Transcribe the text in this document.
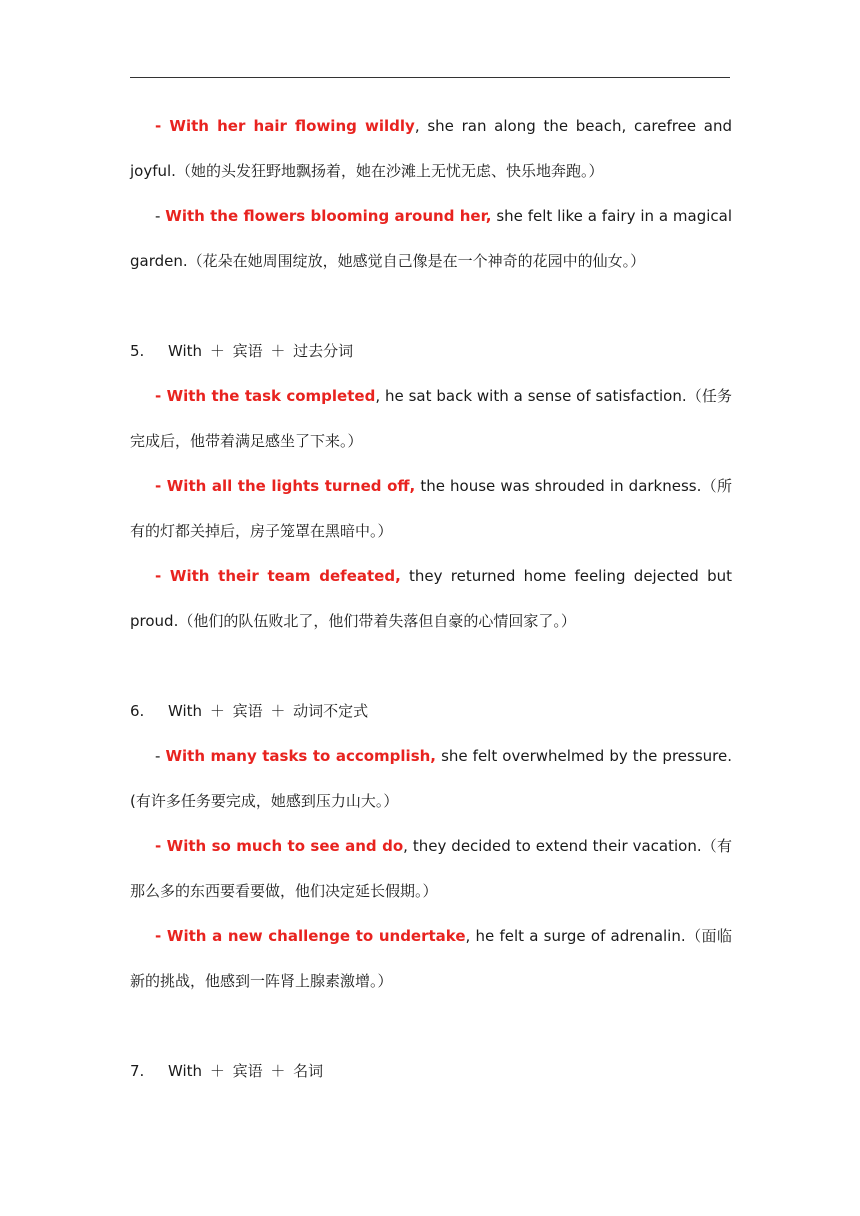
- With her hair flowing wildly, she ran along the beach, carefree and joyful.（她的头发狂野地飘扬着，她在沙滩上无忧无虑、快乐地奔跑。）

- With the flowers blooming around her, she felt like a fairy in a magical garden.（花朵在她周围绽放，她感觉自己像是在一个神奇的花园中的仙女。）

5. With ＋ 宾语 ＋ 过去分词

- With the task completed, he sat back with a sense of satisfaction.（任务完成后，他带着满足感坐了下来。）

- With all the lights turned off, the house was shrouded in darkness.（所有的灯都关掉后，房子笼罩在黑暗中。）

- With their team defeated, they returned home feeling dejected but proud.（他们的队伍败北了，他们带着失落但自豪的心情回家了。）

6. With ＋ 宾语 ＋ 动词不定式

- With many tasks to accomplish, she felt overwhelmed by the pressure.(有许多任务要完成，她感到压力山大。）

- With so much to see and do, they decided to extend their vacation.（有那么多的东西要看要做，他们决定延长假期。）

- With a new challenge to undertake, he felt a surge of adrenalin.（面临新的挑战，他感到一阵肾上腺素激增。）

7. With ＋ 宾语 ＋ 名词
